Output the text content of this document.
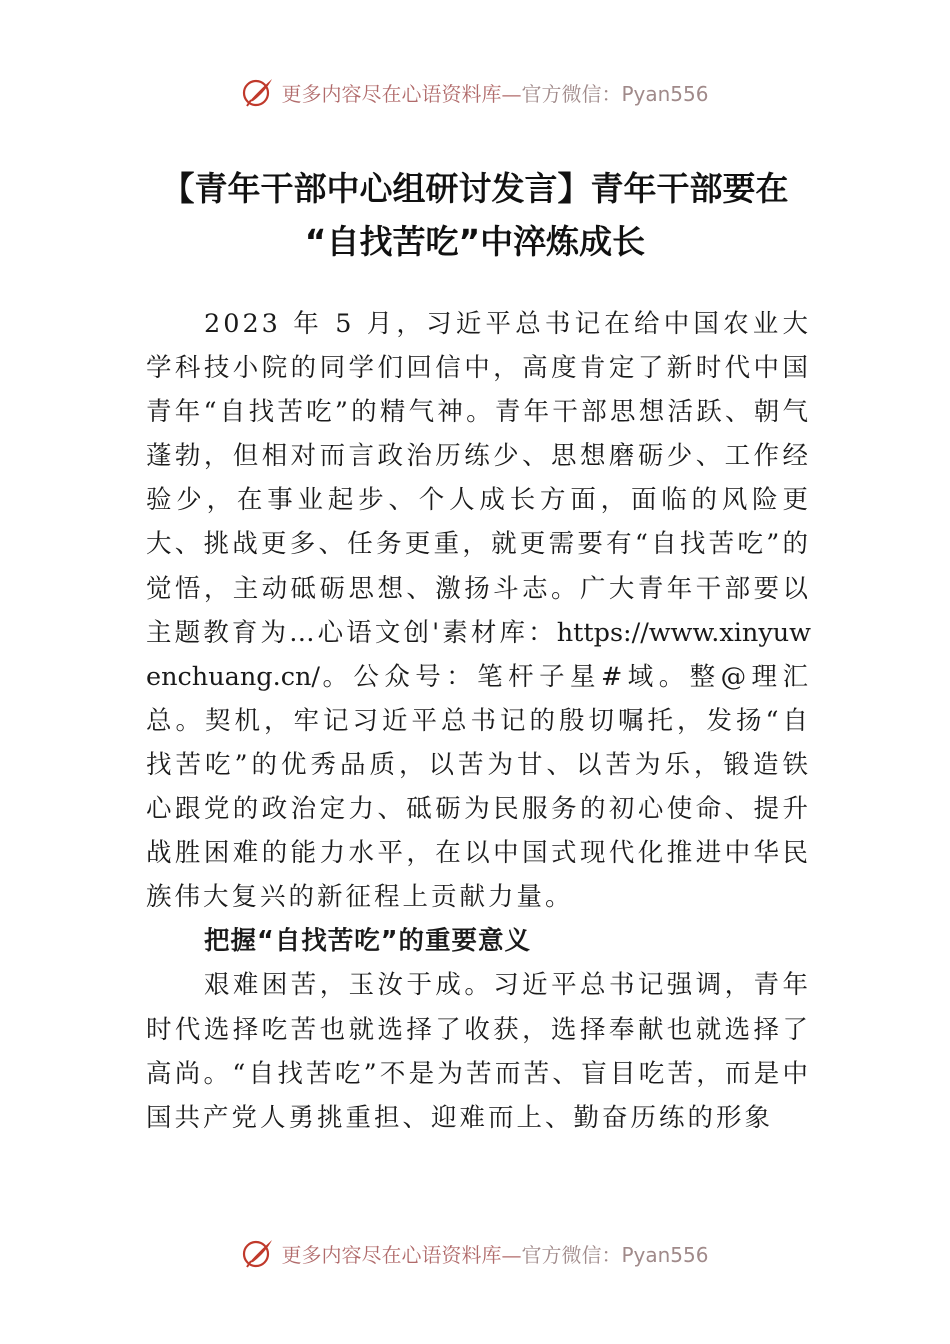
更多内容尽在心语资料库—官方微信：Pyan556
【青年干部中心组研讨发言】青年干部要在
“自找苦吃”中淬炼成长

2023 年 5 月，习近平总书记在给中国农业大学科技小院的同学们回信中，高度肯定了新时代中国青年“自找苦吃”的精气神。青年干部思想活跃、朝气蓬勃，但相对而言政治历练少、思想磨砺少、工作经验少，在事业起步、个人成长方面，面临的风险更大、挑战更多、任务更重，就更需要有“自找苦吃”的觉悟，主动砥砺思想、激扬斗志。广大青年干部要以主题教育为…心语文创'素材库：https://www.xinyuwenchuang.cn/。公众号：笔杆子星#域。整@理汇总。契机，牢记习近平总书记的殷切嘱托，发扬“自找苦吃”的优秀品质，以苦为甘、以苦为乐，锻造铁心跟党的政治定力、砥砺为民服务的初心使命、提升战胜困难的能力水平，在以中国式现代化推进中华民族伟大复兴的新征程上贡献力量。

把握“自找苦吃”的重要意义

艰难困苦，玉汝于成。习近平总书记强调，青年时代选择吃苦也就选择了收获，选择奉献也就选择了高尚。“自找苦吃”不是为苦而苦、盲目吃苦，而是中国共产党人勇挑重担、迎难而上、勤奋历练的形象

更多内容尽在心语资料库—官方微信：Pyan556
